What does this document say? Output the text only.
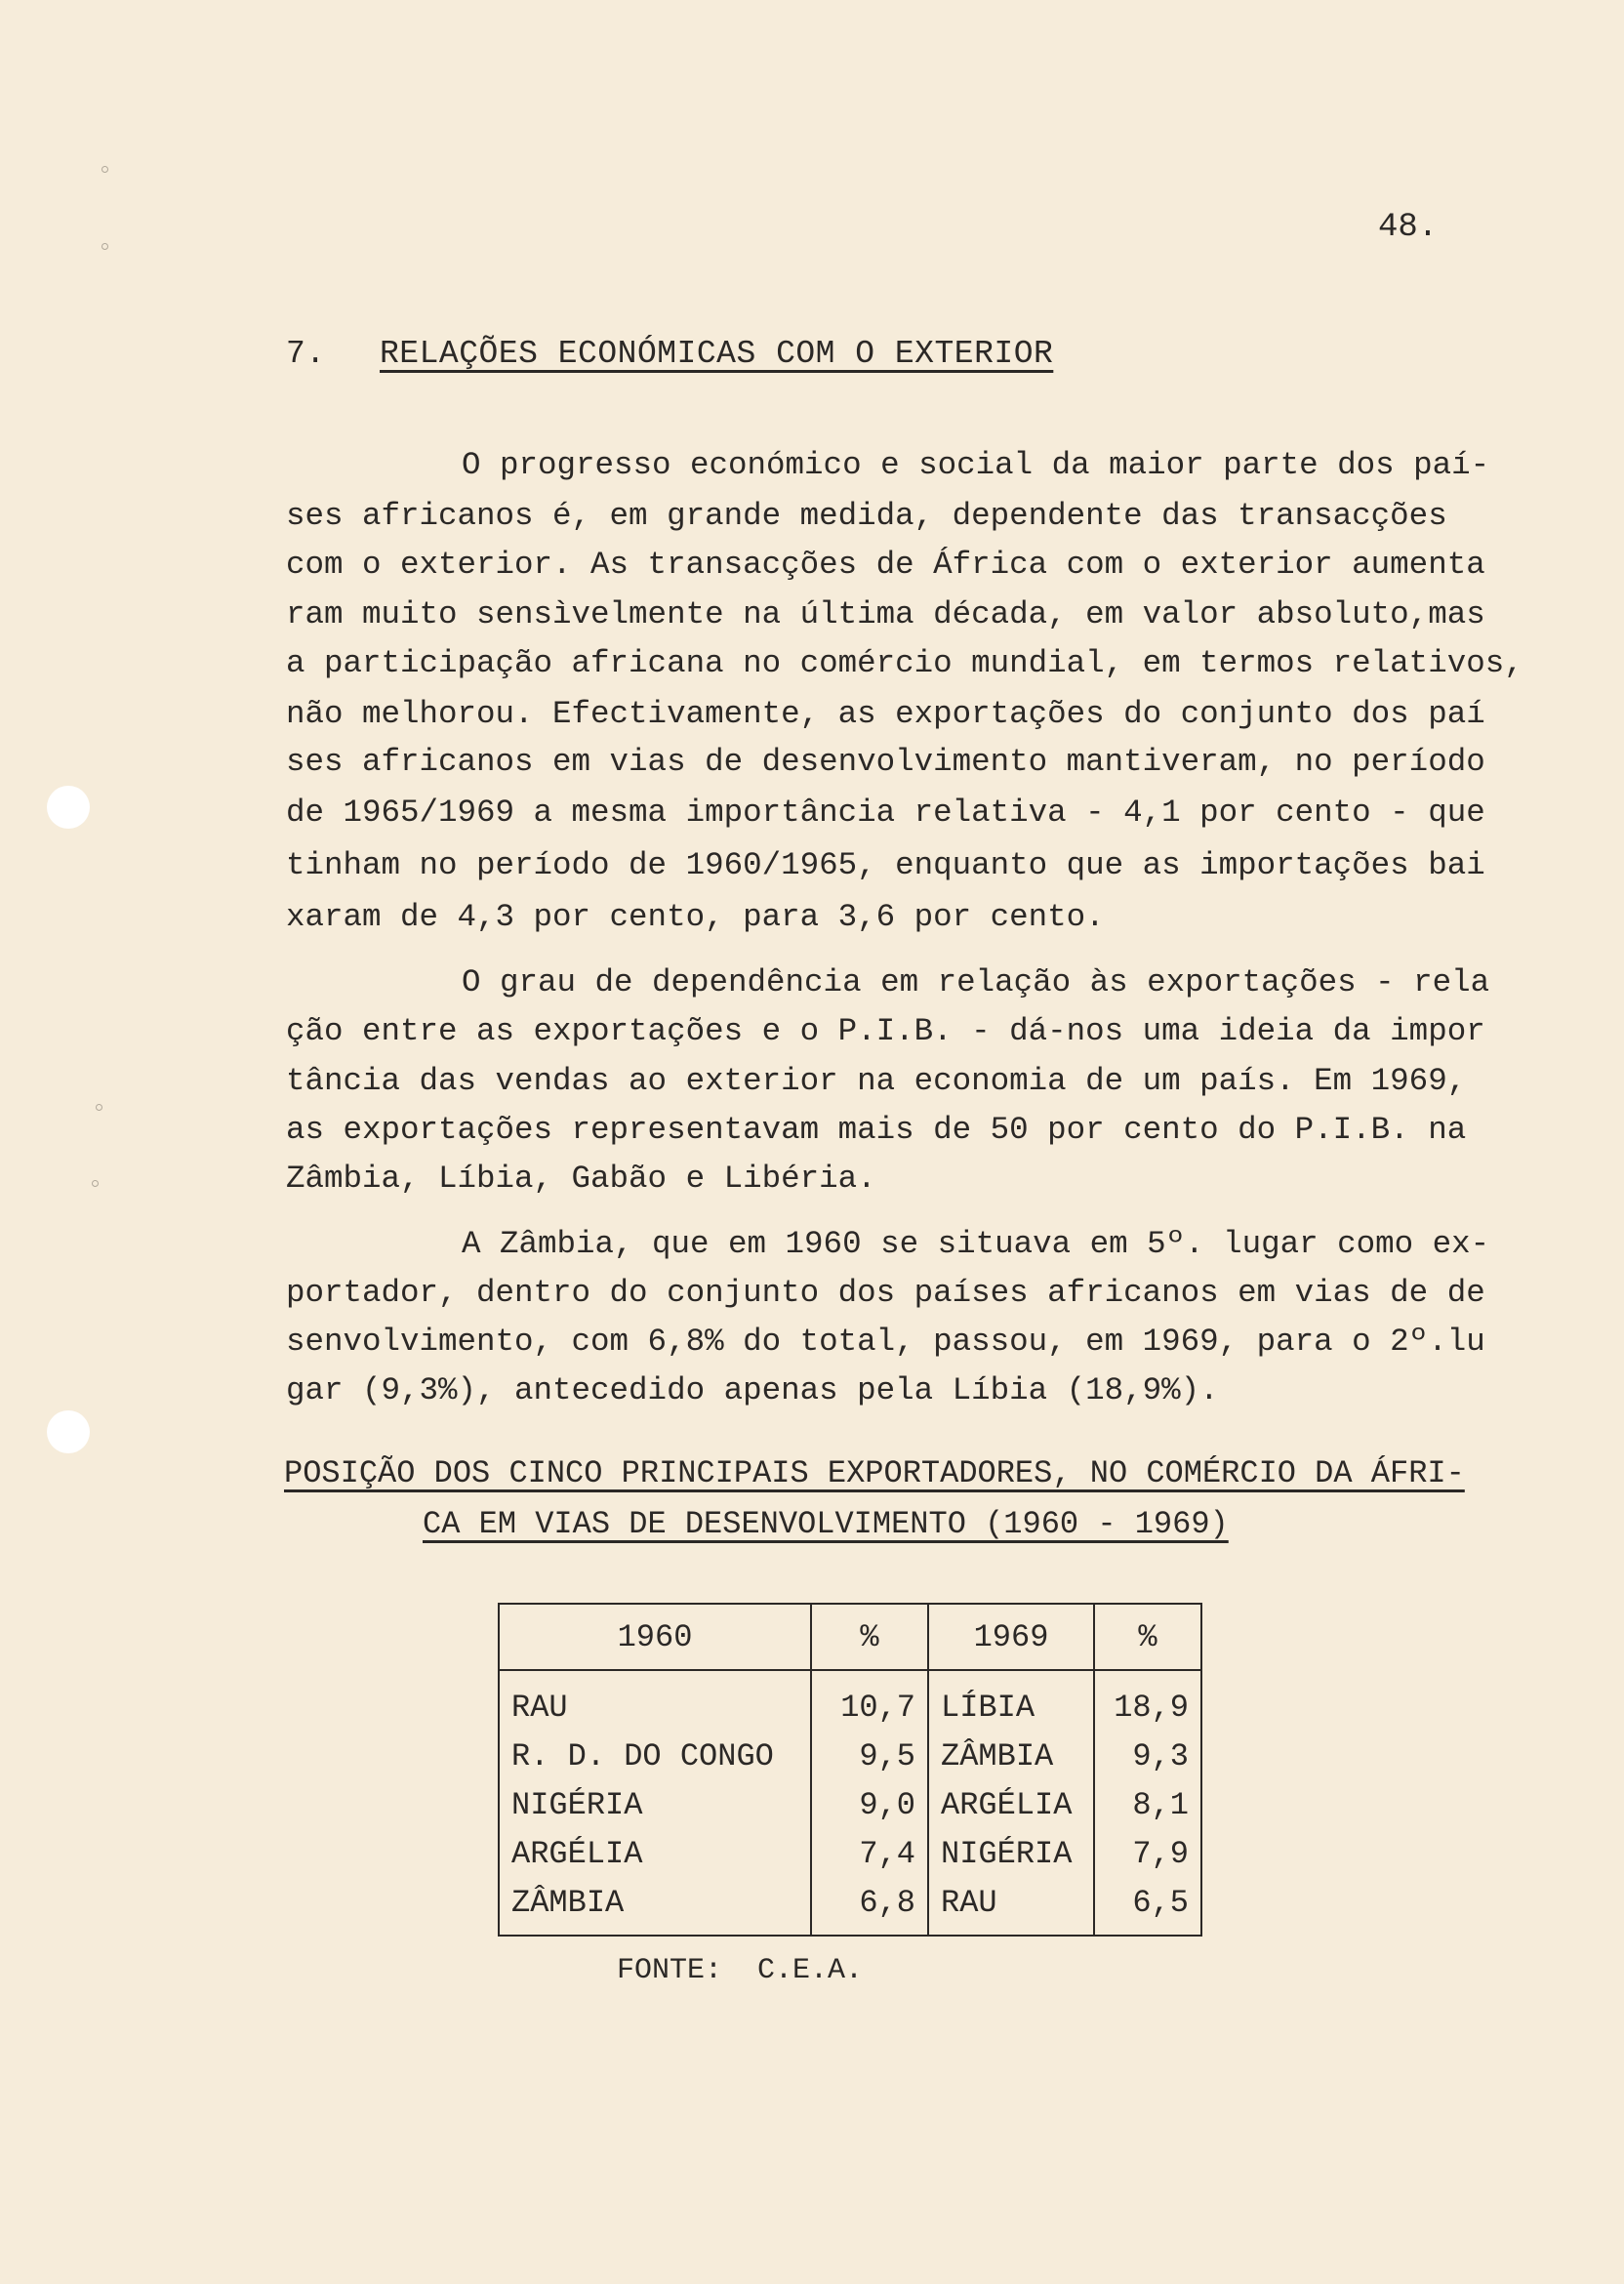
48.
7. RELAÇÕES ECONÓMICAS COM O EXTERIOR
O progresso económico e social da maior parte dos paí-
ses africanos é, em grande medida, dependente das transacções
com o exterior. As transacções de África com o exterior aumenta
ram muito sensìvelmente na última década, em valor absoluto,mas
a participação africana no comércio mundial, em termos relativos,
não melhorou. Efectivamente, as exportações do conjunto dos paí
ses africanos em vias de desenvolvimento mantiveram, no período
de 1965/1969 a mesma importância relativa - 4,1 por cento - que
tinham no período de 1960/1965, enquanto que as importações bai
xaram de 4,3 por cento, para 3,6 por cento.
O grau de dependência em relação às exportações - rela
ção entre as exportações e o P.I.B. - dá-nos uma ideia da impor
tância das vendas ao exterior na economia de um país. Em 1969,
as exportações representavam mais de 50 por cento do P.I.B. na
Zâmbia, Líbia, Gabão e Libéria.
A Zâmbia, que em 1960 se situava em 5º. lugar como ex-
portador, dentro do conjunto dos países africanos em vias de de
senvolvimento, com 6,8% do total, passou, em 1969, para o 2º.lu
gar (9,3%), antecedido apenas pela Líbia (18,9%).
POSIÇÃO DOS CINCO PRINCIPAIS EXPORTADORES, NO COMÉRCIO DA ÁFRI-
CA EM VIAS DE DESENVOLVIMENTO (1960 - 1969)
1960	%	1969	%
RAU	10,7	LÍBIA	18,9
R. D. DO CONGO	9,5	ZÂMBIA	9,3
NIGÉRIA	9,0	ARGÉLIA	8,1
ARGÉLIA	7,4	NIGÉRIA	7,9
ZÂMBIA	6,8	RAU	6,5
FONTE: C.E.A.
